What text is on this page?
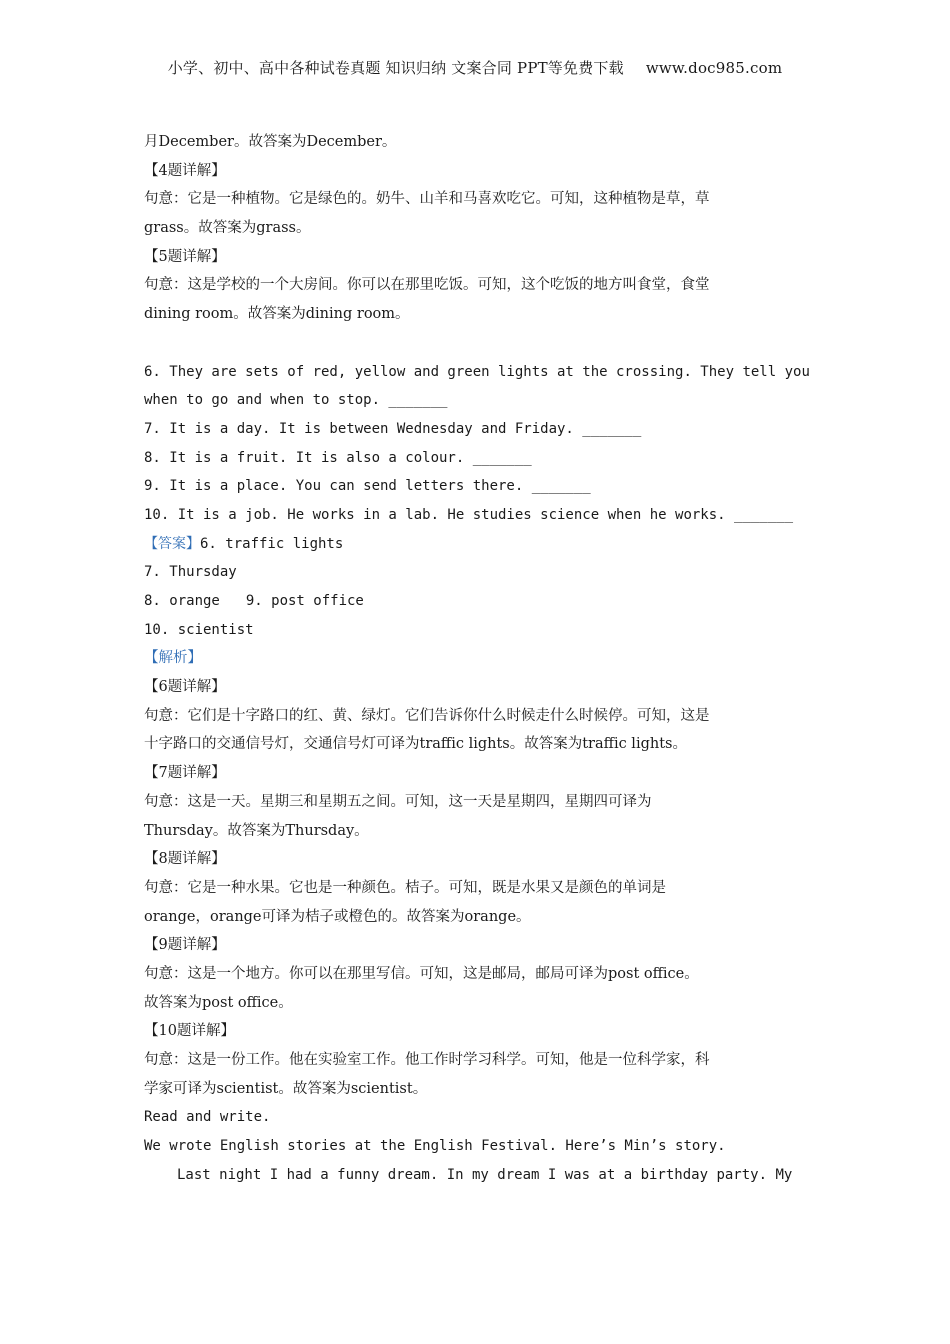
小学、初中、高中各种试卷真题 知识归纳 文案合同 PPT等免费下载 www.doc985.com
月December。故答案为December。
【4题详解】
句意：它是一种植物。它是绿色的。奶牛、山羊和马喜欢吃它。可知，这种植物是草，草
grass。故答案为grass。
【5题详解】
句意：这是学校的一个大房间。你可以在那里吃饭。可知，这个吃饭的地方叫食堂，食堂
dining room。故答案为dining room。
6. They are sets of red, yellow and green lights at the crossing. They tell you
when to go and when to stop. _______
7. It is a day. It is between Wednesday and Friday. _______
8. It is a fruit. It is also a colour. _______
9. It is a place. You can send letters there. _______
10. It is a job. He works in a lab. He studies science when he works. _______
【答案】6. traffic lights
7. Thursday
8. orange 9. post office
10. scientist
【解析】
【6题详解】
句意：它们是十字路口的红、黄、绿灯。它们告诉你什么时候走什么时候停。可知，这是
十字路口的交通信号灯，交通信号灯可译为traffic lights。故答案为traffic lights。
【7题详解】
句意：这是一天。星期三和星期五之间。可知，这一天是星期四，星期四可译为
Thursday。故答案为Thursday。
【8题详解】
句意：它是一种水果。它也是一种颜色。桔子。可知，既是水果又是颜色的单词是
orange，orange可译为桔子或橙色的。故答案为orange。
【9题详解】
句意：这是一个地方。你可以在那里写信。可知，这是邮局，邮局可译为post office。
故答案为post office。
【10题详解】
句意：这是一份工作。他在实验室工作。他工作时学习科学。可知，他是一位科学家，科
学家可译为scientist。故答案为scientist。
Read and write.
We wrote English stories at the English Festival. Here’s Min’s story.
Last night I had a funny dream. In my dream I was at a birthday party. My
